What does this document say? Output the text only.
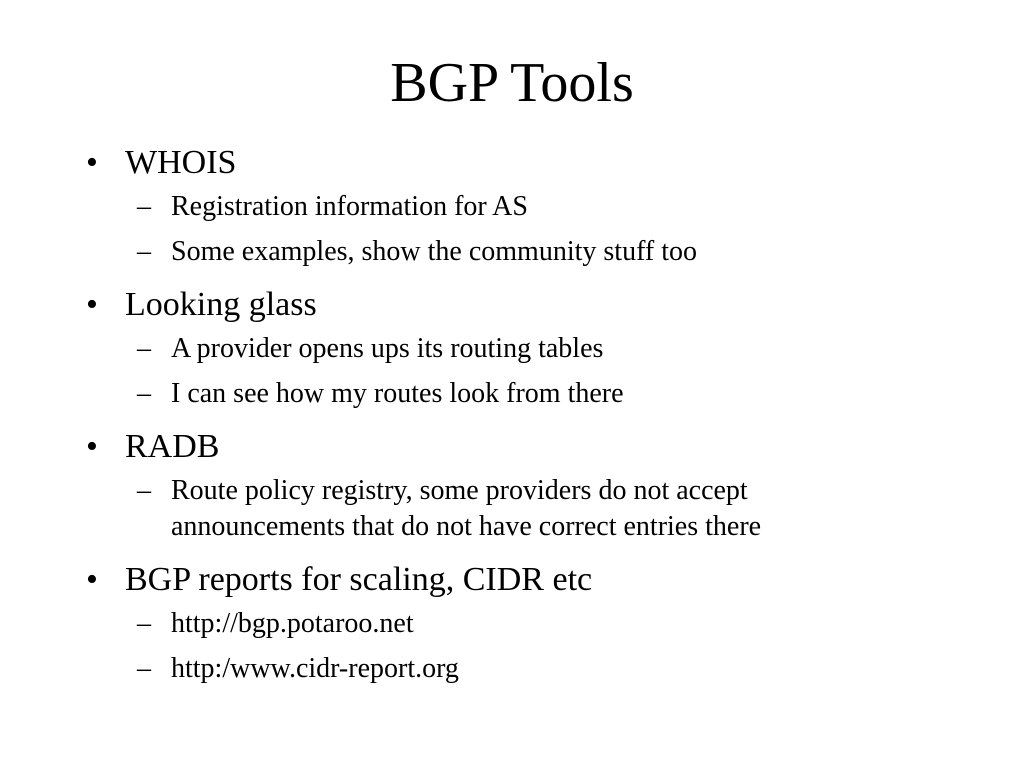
BGP Tools
• WHOIS
– Registration information for AS
– Some examples, show the community stuff too
• Looking glass
– A provider opens ups its routing tables
– I can see how my routes look from there
• RADB
– Route policy registry, some providers do not accept announcements that do not have correct entries there
• BGP reports for scaling, CIDR etc
– http://bgp.potaroo.net
– http:/www.cidr-report.org
